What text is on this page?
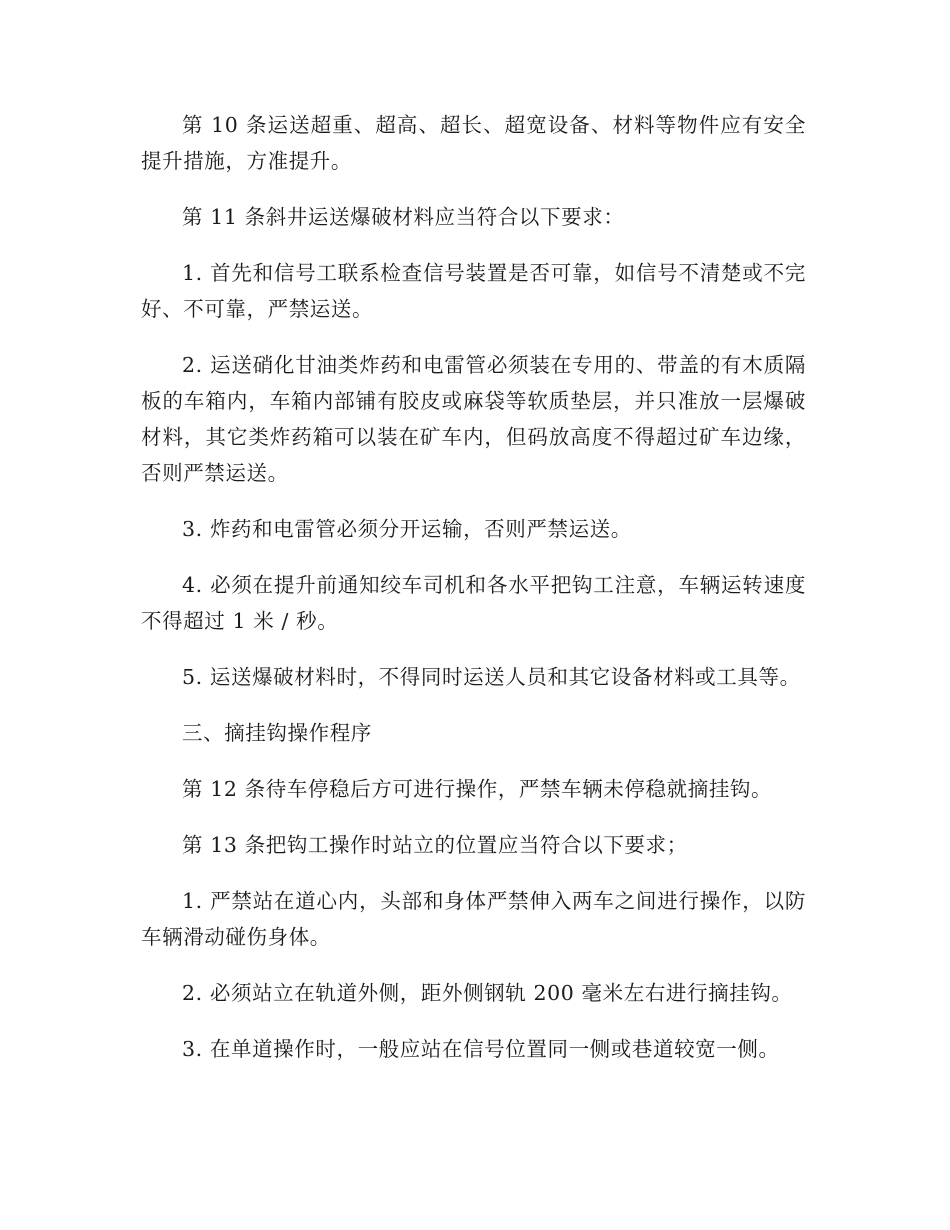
第 10 条运送超重、超高、超长、超宽设备、材料等物件应有安全提升措施，方准提升。

第 11 条斜井运送爆破材料应当符合以下要求：

1. 首先和信号工联系检查信号装置是否可靠，如信号不清楚或不完好、不可靠，严禁运送。

2. 运送硝化甘油类炸药和电雷管必须装在专用的、带盖的有木质隔板的车箱内，车箱内部铺有胶皮或麻袋等软质垫层，并只准放一层爆破材料，其它类炸药箱可以装在矿车内，但码放高度不得超过矿车边缘，否则严禁运送。

3. 炸药和电雷管必须分开运输，否则严禁运送。

4. 必须在提升前通知绞车司机和各水平把钩工注意，车辆运转速度不得超过 1 米 / 秒。

5. 运送爆破材料时，不得同时运送人员和其它设备材料或工具等。

三、摘挂钩操作程序

第 12 条待车停稳后方可进行操作，严禁车辆未停稳就摘挂钩。

第 13 条把钩工操作时站立的位置应当符合以下要求；

1. 严禁站在道心内，头部和身体严禁伸入两车之间进行操作，以防车辆滑动碰伤身体。

2. 必须站立在轨道外侧，距外侧钢轨 200 毫米左右进行摘挂钩。

3. 在单道操作时，一般应站在信号位置同一侧或巷道较宽一侧。
